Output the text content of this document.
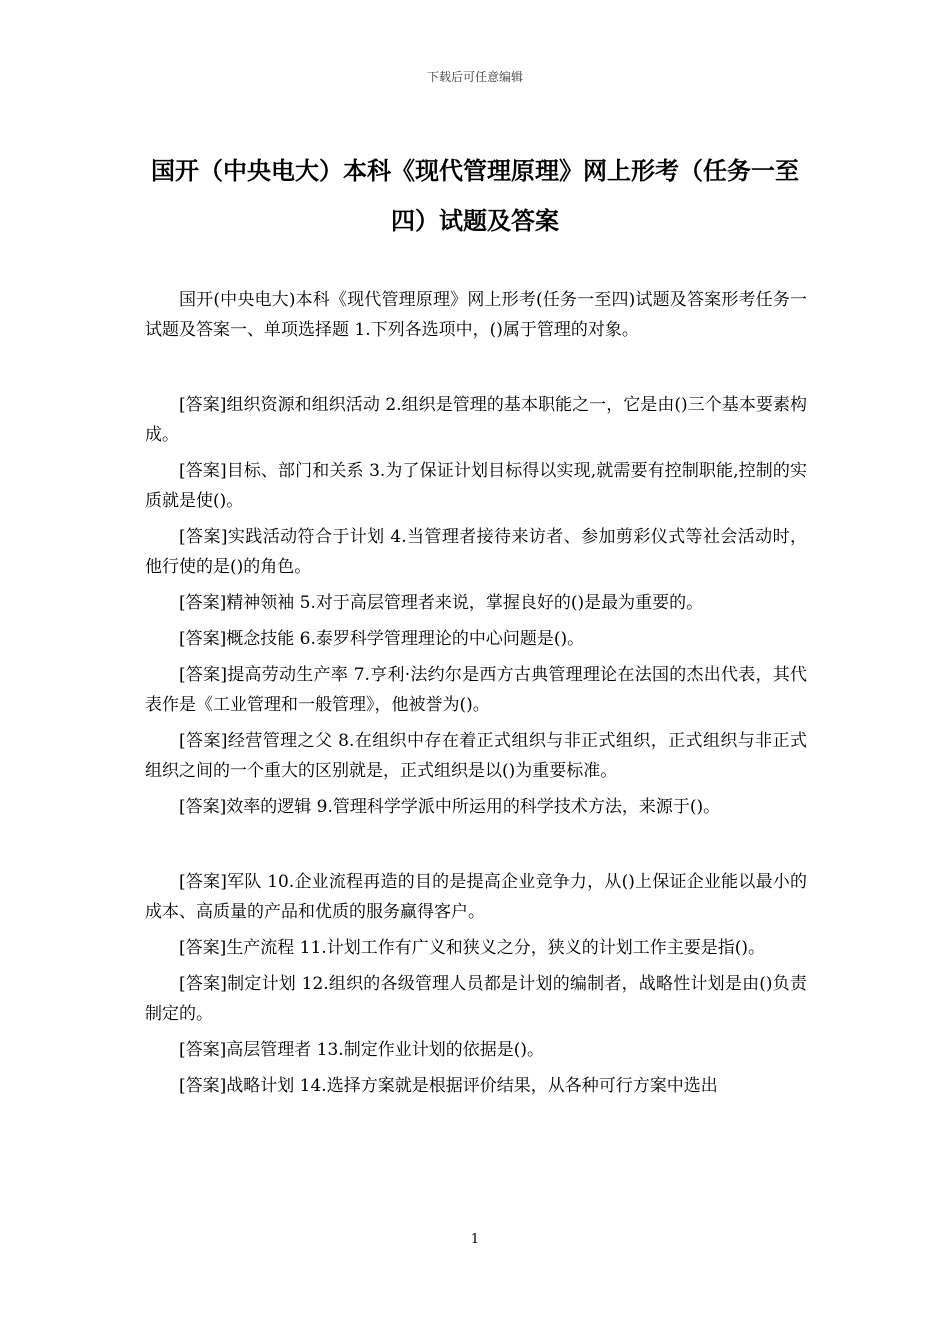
下载后可任意编辑
国开（中央电大）本科《现代管理原理》网上形考（任务一至四）试题及答案

国开(中央电大)本科《现代管理原理》网上形考(任务一至四)试题及答案形考任务一试题及答案一、单项选择题 1.下列各选项中，()属于管理的对象。

[答案]组织资源和组织活动 2.组织是管理的基本职能之一，它是由()三个基本要素构成。

[答案]目标、部门和关系 3.为了保证计划目标得以实现,就需要有控制职能,控制的实质就是使()。

[答案]实践活动符合于计划 4.当管理者接待来访者、参加剪彩仪式等社会活动时，他行使的是()的角色。

[答案]精神领袖 5.对于高层管理者来说，掌握良好的()是最为重要的。

[答案]概念技能 6.泰罗科学管理理论的中心问题是()。

[答案]提高劳动生产率 7.亨利·法约尔是西方古典管理理论在法国的杰出代表，其代表作是《工业管理和一般管理》，他被誉为()。

[答案]经营管理之父 8.在组织中存在着正式组织与非正式组织，正式组织与非正式组织之间的一个重大的区别就是，正式组织是以()为重要标准。

[答案]效率的逻辑 9.管理科学学派中所运用的科学技术方法，来源于()。

[答案]军队 10.企业流程再造的目的是提高企业竞争力，从()上保证企业能以最小的成本、高质量的产品和优质的服务赢得客户。

[答案]生产流程 11.计划工作有广义和狭义之分，狭义的计划工作主要是指()。

[答案]制定计划 12.组织的各级管理人员都是计划的编制者，战略性计划是由()负责制定的。

[答案]高层管理者 13.制定作业计划的依据是()。

[答案]战略计划 14.选择方案就是根据评价结果，从各种可行方案中选出

1
